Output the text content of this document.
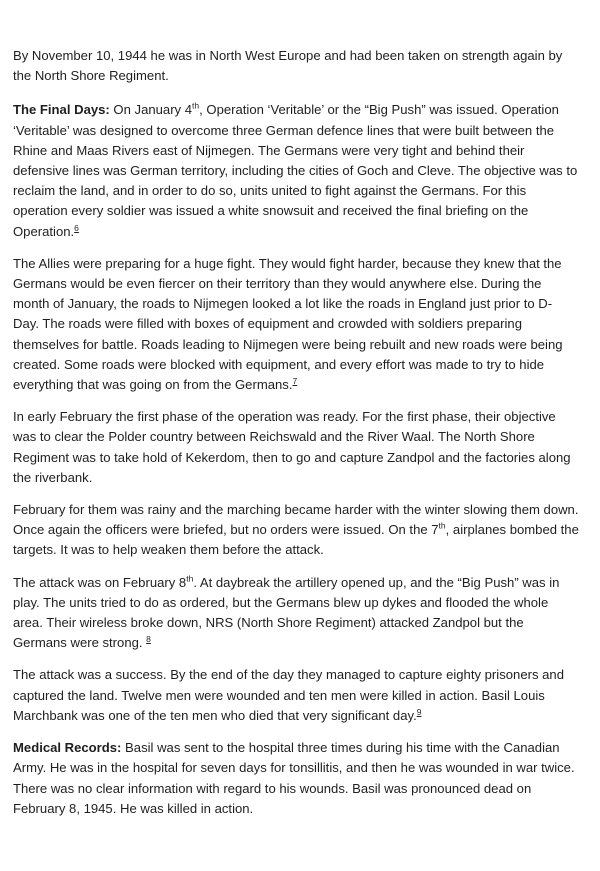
By November 10, 1944 he was in North West Europe and had been taken on strength again by the North Shore Regiment.

The Final Days: On January 4th, Operation ‘Veritable’ or the “Big Push” was issued. Operation ‘Veritable’ was designed to overcome three German defence lines that were built between the Rhine and Maas Rivers east of Nijmegen. The Germans were very tight and behind their defensive lines was German territory, including the cities of Goch and Cleve. The objective was to reclaim the land, and in order to do so, units united to fight against the Germans. For this operation every soldier was issued a white snowsuit and received the final briefing on the Operation.$^6$

The Allies were preparing for a huge fight. They would fight harder, because they knew that the Germans would be even fiercer on their territory than they would anywhere else. During the month of January, the roads to Nijmegen looked a lot like the roads in England just prior to D- Day. The roads were filled with boxes of equipment and crowded with soldiers preparing themselves for battle. Roads leading to Nijmegen were being rebuilt and new roads were being created. Some roads were blocked with equipment, and every effort was made to try to hide everything that was going on from the Germans.$^7$

In early February the first phase of the operation was ready. For the first phase, their objective was to clear the Polder country between Reichswald and the River Waal. The North Shore Regiment was to take hold of Kekerdom, then to go and capture Zandpol and the factories along the riverbank.

February for them was rainy and the marching became harder with the winter slowing them down. Once again the officers were briefed, but no orders were issued. On the 7th, airplanes bombed the targets. It was to help weaken them before the attack.

The attack was on February 8th. At daybreak the artillery opened up, and the “Big Push” was in play. The units tried to do as ordered, but the Germans blew up dykes and flooded the whole area. Their wireless broke down, NRS (North Shore Regiment) attacked Zandpol but the Germans were strong. $^8$

The attack was a success. By the end of the day they managed to capture eighty prisoners and captured the land. Twelve men were wounded and ten men were killed in action. Basil Louis Marchbank was one of the ten men who died that very significant day.$^9$

Medical Records: Basil was sent to the hospital three times during his time with the Canadian Army. He was in the hospital for seven days for tonsillitis, and then he was wounded in war twice. There was no clear information with regard to his wounds. Basil was pronounced dead on February 8, 1945. He was killed in action.
